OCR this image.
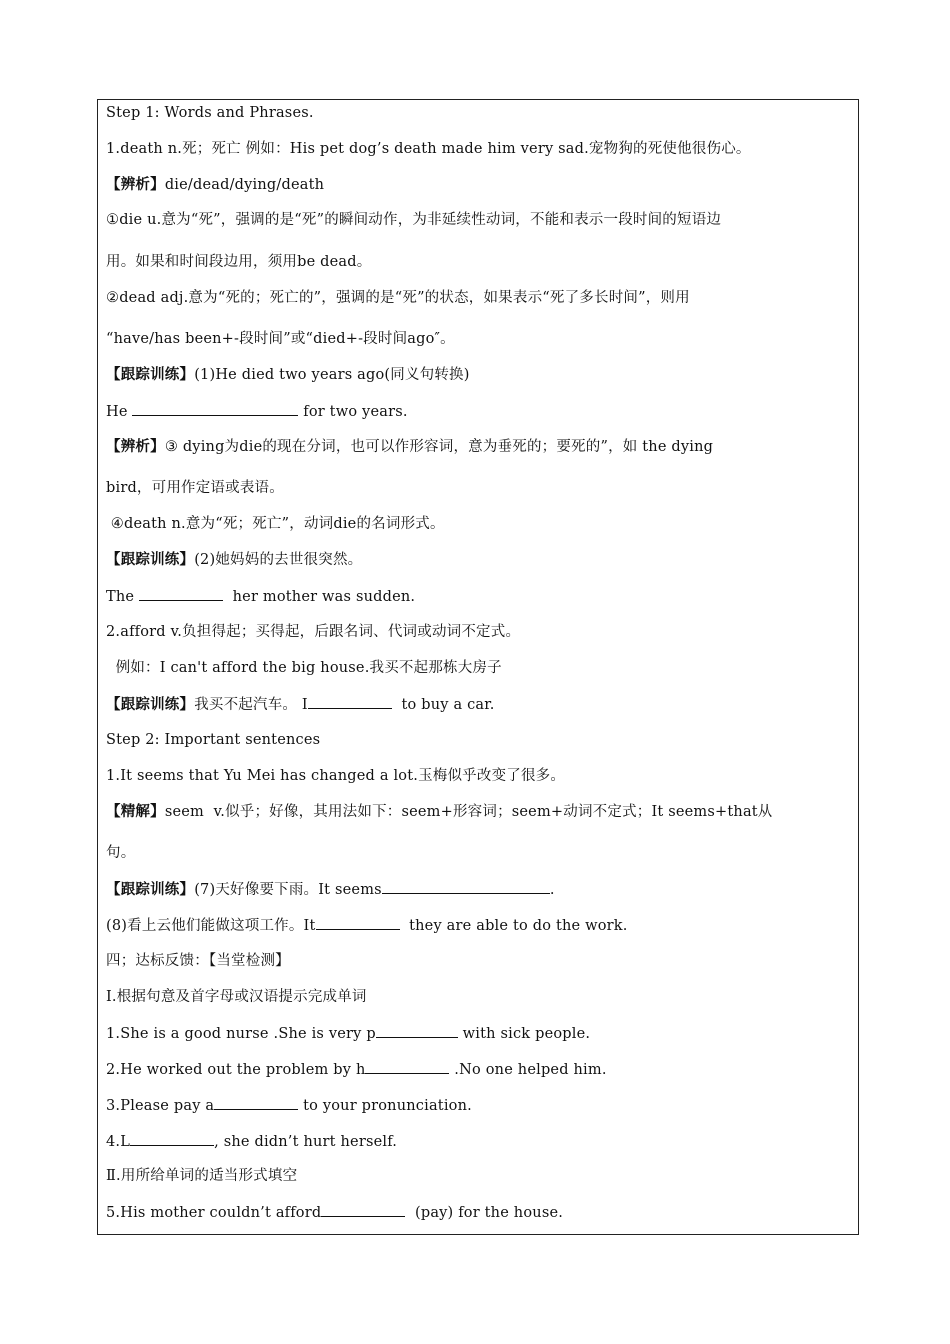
Step 1: Words and Phrases.
1.death n.死；死亡 例如：His pet dog’s death made him very sad.宠物狗的死使他很伤心。
【辨析】die/dead/dying/death
①die u.意为“死”，强调的是“死”的瞬间动作，为非延续性动词，不能和表示一段时间的短语边
用。如果和时间段边用，须用be dead。
②dead adj.意为“死的；死亡的”，强调的是“死”的状态，如果表示“死了多长时间”，则用
“have/has been+-段时间”或“died+-段时间ago″。
【跟踪训练】(1)He died two years ago(同义句转换)
He	for two years.
【辨析】③ dying为die的现在分词，也可以作形容词，意为垂死的；要死的”，如 the dying
bird，可用作定语或表语。
④death n.意为“死；死亡”，动词die的名词形式。
【跟踪训练】(2)她妈妈的去世很突然。
The	her mother was sudden.
2.afford v.负担得起；买得起，后跟名词、代词或动词不定式。
例如：I can't afford the big house.我买不起那栋大房子
【跟踪训练】我买不起汽车。 I	to buy a car.
Step 2: Important sentences
1.It seems that Yu Mei has changed a lot.玉梅似乎改变了很多。
【精解】seem  v.似乎；好像，其用法如下：seem+形容词；seem+动词不定式；It seems+that从
句。
【跟踪训练】(7)天好像要下雨。It seems	.
(8)看上云他们能做这项工作。It	they are able to do the work.
四；达标反馈：【当堂检测】
I.根据句意及首字母或汉语提示完成单词
1.She is a good nurse .She is very p	with sick people.
2.He worked out the problem by h	.No one helped him.
3.Please pay a	to your pronunciation.
4.L	, she didn’t hurt herself.
Ⅱ.用所给单词的适当形式填空
5.His mother couldn’t afford	(pay) for the house.
